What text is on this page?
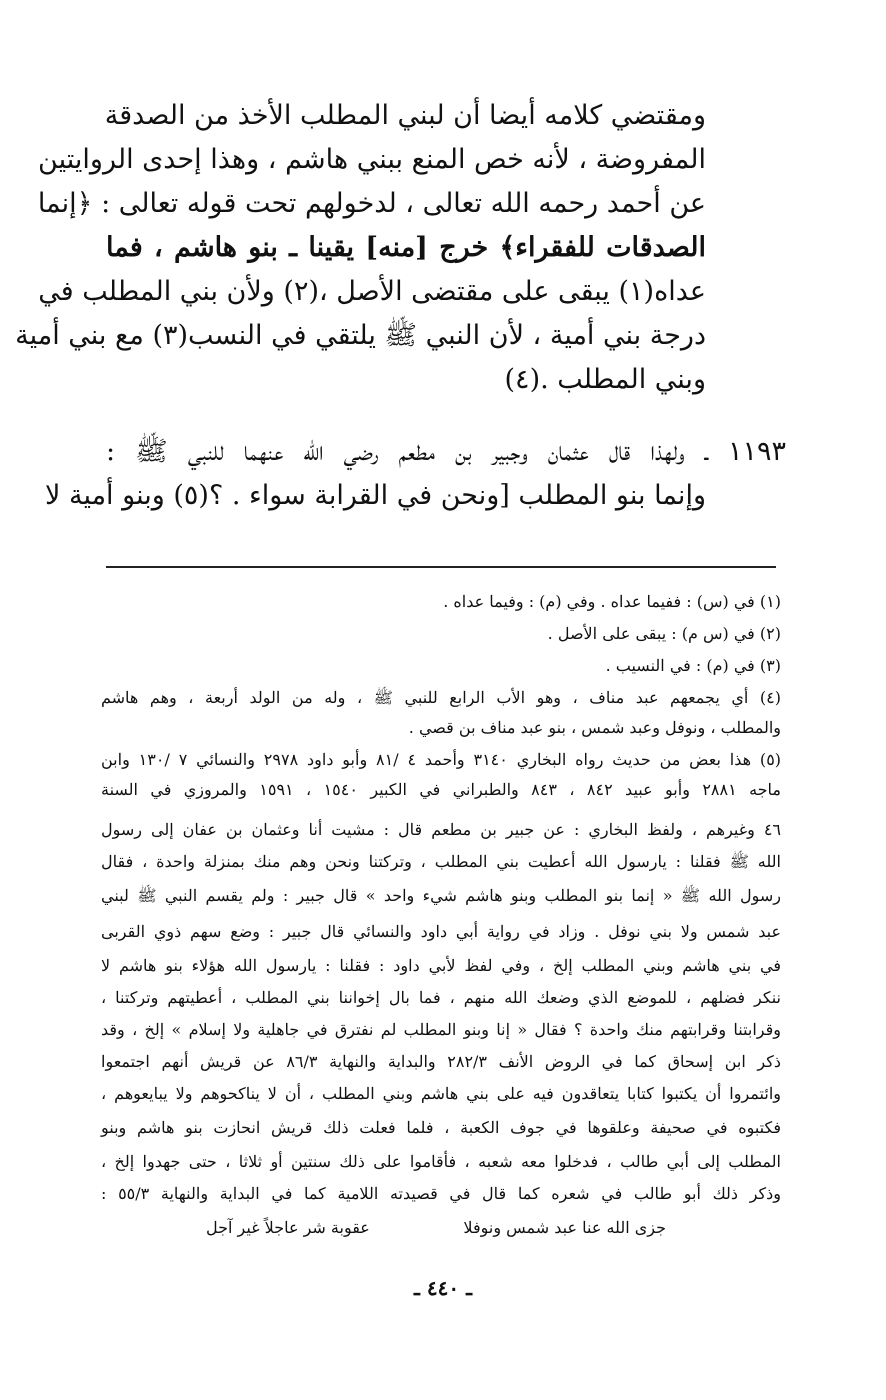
ومقتضي كلامه أيضا أن لبني المطلب الأخذ من الصدقة
المفروضة ، لأنه خص المنع ببني هاشم ، وهذا إحدى الروايتين
عن أحمد رحمه الله تعالى ، لدخولهم تحت قوله تعالى : ﴿إنما
الصدقات للفقراء﴾ خرج [منه] يقينا ـ بنو هاشم ، فما
عداه(١) يبقى على مقتضى الأصل ،(٢) ولأن بني المطلب في
درجة بني أمية ، لأن النبي ﷺ يلتقي في النسب(٣) مع بني أمية
وبني المطلب .(٤)
١١٩٣ ـ ولهذا قال عثمان وجبير بن مطعم رضي الله عنهما للنبي ﷺ :
وإنما بنو المطلب [ونحن في القرابة سواء . ؟(٥) وبنو أمية لا
(١) في (س) : ففيما عداه . وفي (م) : وفيما عداه .
(٢) في (س م) : يبقى على الأصل .
(٣) في (م) : في النسيب .
(٤) أي يجمعهم عبد مناف ، وهو الأب الرابع للنبي ﷺ ، وله من الولد أربعة ، وهم هاشم
والمطلب ، ونوفل وعبد شمس ، بنو عبد مناف بن قصي .
(٥) هذا بعض من حديث رواه البخاري ٣١٤٠ وأحمد ٤ /٨١ وأبو داود ٢٩٧٨ والنسائي ٧ /١٣٠ وابن
ماجه ٢٨٨١ وأبو عبيد ٨٤٢ ، ٨٤٣ والطبراني في الكبير ١٥٤٠ ، ١٥٩١ والمروزي في السنة
٤٦ وغيرهم ، ولفظ البخاري : عن جبير بن مطعم قال : مشيت أنا وعثمان بن عفان إلى رسول
الله ﷺ فقلنا : يارسول الله أعطيت بني المطلب ، وتركتنا ونحن وهم منك بمنزلة واحدة ، فقال
رسول الله ﷺ « إنما بنو المطلب وبنو هاشم شيء واحد » قال جبير : ولم يقسم النبي ﷺ لبني
عبد شمس ولا بني نوفل . وزاد في رواية أبي داود والنسائي قال جبير : وضع سهم ذوي القربى
في بني هاشم وبني المطلب إلخ ، وفي لفظ لأبي داود : فقلنا : يارسول الله هؤلاء بنو هاشم لا
ننكر فضلهم ، للموضع الذي وضعك الله منهم ، فما بال إخواننا بني المطلب ، أعطيتهم وتركتنا ،
وقرابتنا وقرابتهم منك واحدة ؟ فقال « إنا وبنو المطلب لم نفترق في جاهلية ولا إسلام » إلخ ، وقد
ذكر ابن إسحاق كما في الروض الأنف ٢٨٢/٣ والبداية والنهاية ٨٦/٣ عن قريش أنهم اجتمعوا
وائتمروا أن يكتبوا كتابا يتعاقدون فيه على بني هاشم وبني المطلب ، أن لا يناكحوهم ولا يبايعوهم ،
فكتبوه في صحيفة وعلقوها في جوف الكعبة ، فلما فعلت ذلك قريش انحازت بنو هاشم وبنو
المطلب إلى أبي طالب ، فدخلوا معه شعبه ، فأقاموا على ذلك سنتين أو ثلاثا ، حتى جهدوا إلخ ،
وذكر ذلك أبو طالب في شعره كما قال في قصيدته اللامية كما في البداية والنهاية ٥٥/٣ :
جزى الله عنا عبد شمس ونوفلا
عقوبة شر عاجلاً غير آجل
ـ ٤٤٠ ـ
